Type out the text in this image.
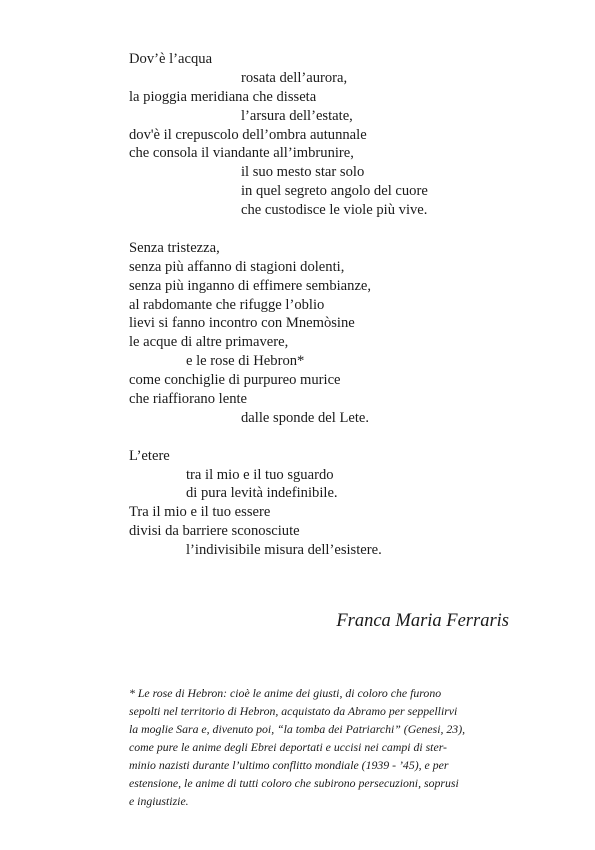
Dov’è l’acqua
rosata dell’aurora,
la pioggia meridiana che disseta
l’arsura dell’estate,
dov'è il crepuscolo dell’ombra autunnale
che consola il viandante all’imbrunire,
il suo mesto star solo
in quel segreto angolo del cuore
che custodisce le viole più vive.
Senza tristezza,
senza più affanno di stagioni dolenti,
senza più inganno di effimere sembianze,
al rabdomante che rifugge l’oblio
lievi si fanno incontro con Mnemòsine
le acque di altre primavere,
e le rose di Hebron*
come conchiglie di purpureo murice
che riaffiorano lente
dalle sponde del Lete.
L’etere
tra il mio e il tuo sguardo
di pura levità indefinibile.
Tra il mio e il tuo essere
divisi da barriere sconosciute
l’indivisibile misura dell’esistere.
Franca Maria Ferraris
* Le rose di Hebron: cioè le anime dei giusti, di coloro che furono
sepolti nel territorio di Hebron, acquistato da Abramo per seppellirvi
la moglie Sara e, divenuto poi, “la tomba dei Patriarchi” (Genesi, 23),
come pure le anime degli Ebrei deportati e uccisi nei campi di ster-
minio nazisti durante l’ultimo conflitto mondiale (1939 - ’45), e per
estensione, le anime di tutti coloro che subirono persecuzioni, soprusi
e ingiustizie.
